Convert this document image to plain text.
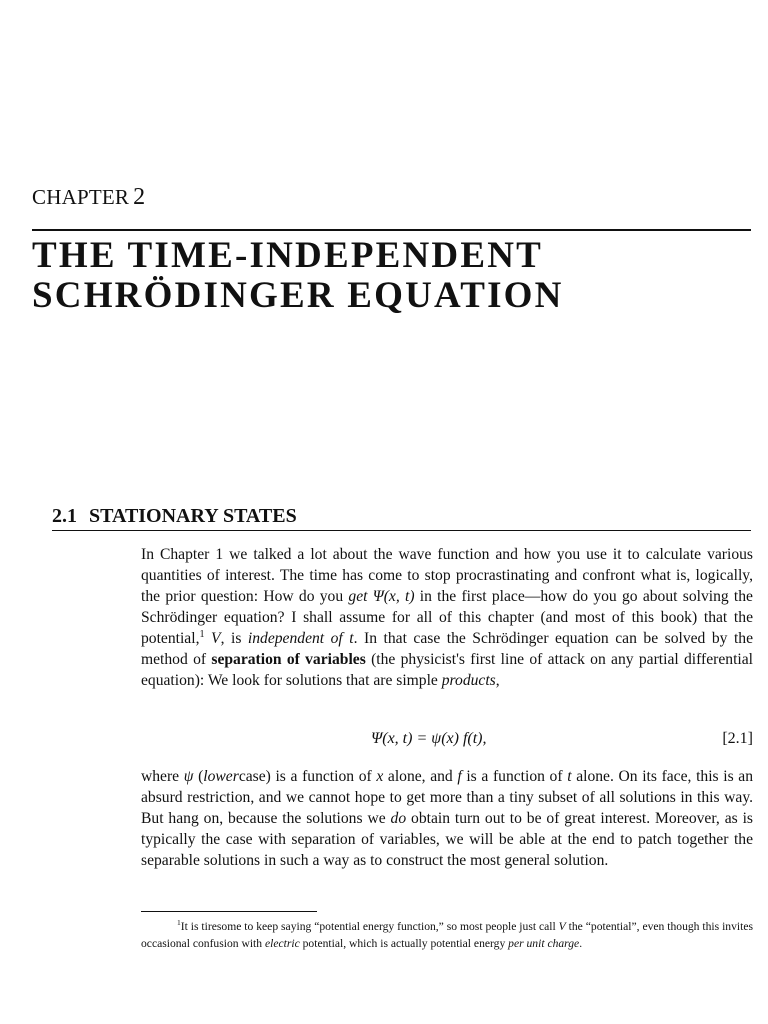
CHAPTER 2
THE TIME-INDEPENDENT
SCHRÖDINGER EQUATION
2.1 STATIONARY STATES

In Chapter 1 we talked a lot about the wave function and how you use it to calculate various quantities of interest. The time has come to stop procrastinating and confront what is, logically, the prior question: How do you get Ψ(x, t) in the first place—how do you go about solving the Schrödinger equation? I shall assume for all of this chapter (and most of this book) that the potential,$^1$ V, is independent of t. In that case the Schrödinger equation can be solved by the method of separation of variables (the physicist's first line of attack on any partial differential equation): We look for solutions that are simple products,

Ψ(x, t) = ψ(x) f(t),	[2.1]

where ψ (lowercase) is a function of x alone, and f is a function of t alone. On its face, this is an absurd restriction, and we cannot hope to get more than a tiny subset of all solutions in this way. But hang on, because the solutions we do obtain turn out to be of great interest. Moreover, as is typically the case with separation of variables, we will be able at the end to patch together the separable solutions in such a way as to construct the most general solution.

$^1$It is tiresome to keep saying “potential energy function,” so most people just call V the “potential”, even though this invites occasional confusion with electric potential, which is actually potential energy per unit charge.
